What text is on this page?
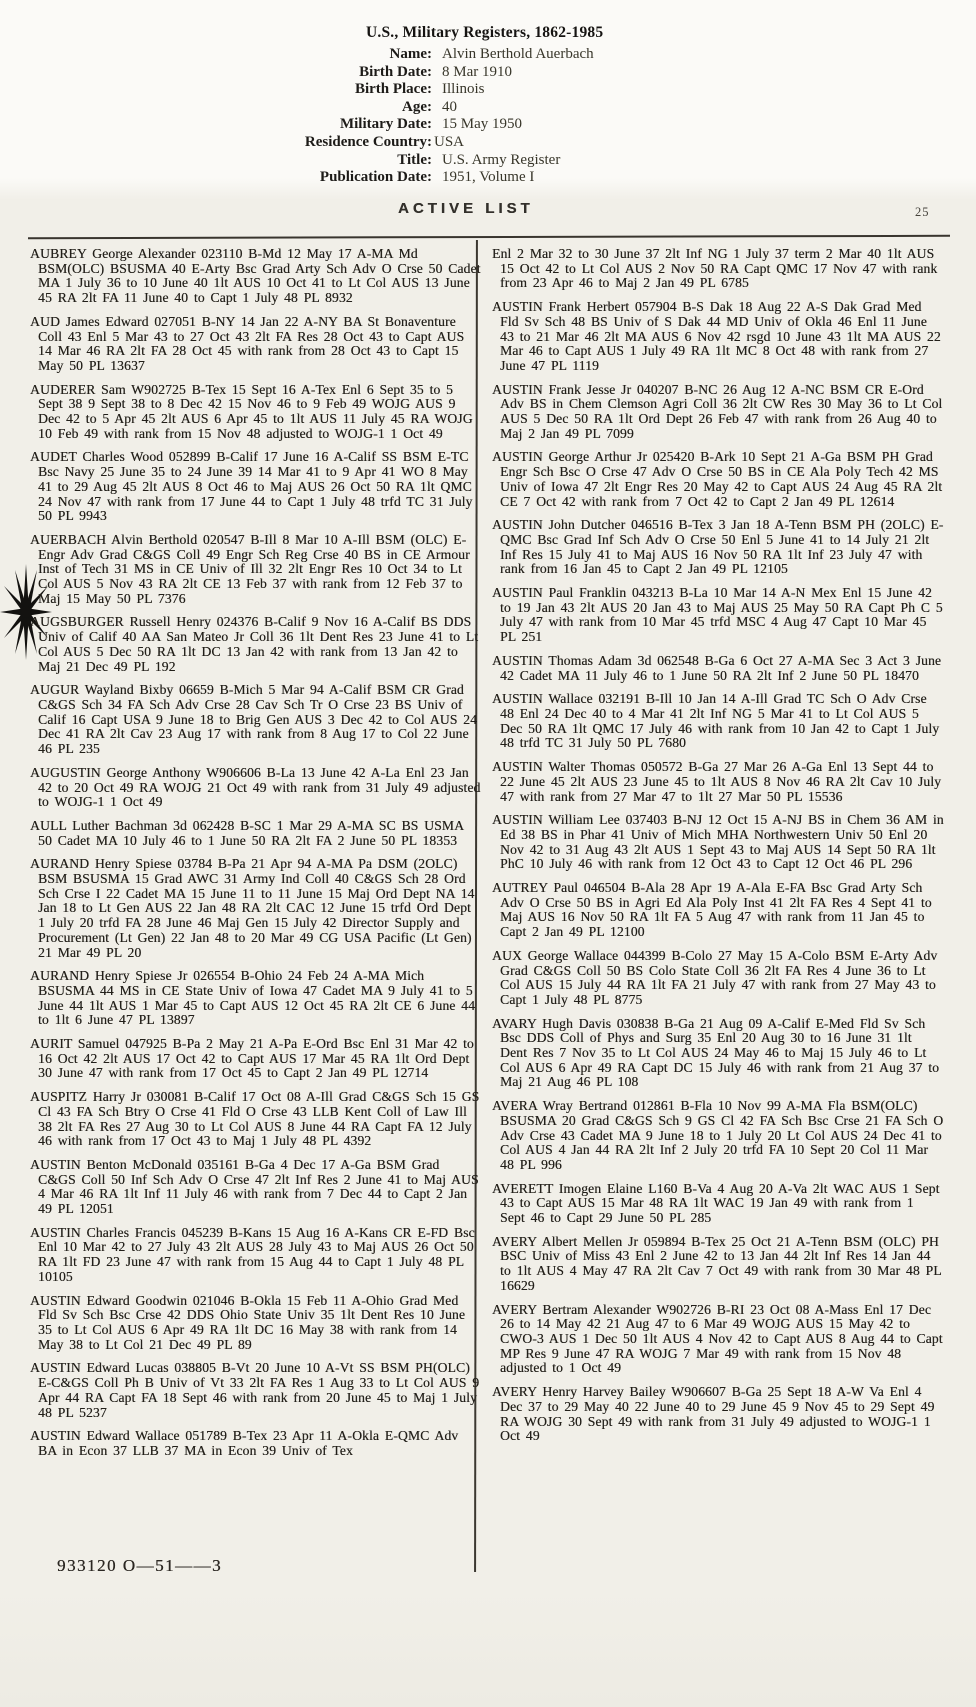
U.S., Military Registers, 1862-1985
Name: Alvin Berthold Auerbach
Birth Date: 8 Mar 1910
Birth Place: Illinois
Age: 40
Military Date: 15 May 1950
Residence Country: USA
Title: U.S. Army Register
Publication Date: 1951, Volume I
ACTIVE LIST	25

AUBREY George Alexander 023110 B-Md 12 May 17 A-MA Md BSM(OLC) BSUSMA 40 E-Arty Bsc Grad Arty Sch Adv O Crse 50 Cadet MA 1 July 36 to 10 June 40 1lt AUS 10 Oct 41 to Lt Col AUS 13 June 45 RA 2lt FA 11 June 40 to Capt 1 July 48 PL 8932

AUD James Edward 027051 B-NY 14 Jan 22 A-NY BA St Bonaventure Coll 43 Enl 5 Mar 43 to 27 Oct 43 2lt FA Res 28 Oct 43 to Capt AUS 14 Mar 46 RA 2lt FA 28 Oct 45 with rank from 28 Oct 43 to Capt 15 May 50 PL 13637

AUDERER Sam W902725 B-Tex 15 Sept 16 A-Tex Enl 6 Sept 35 to 5 Sept 38 9 Sept 38 to 8 Dec 42 15 Nov 46 to 9 Feb 49 WOJG AUS 9 Dec 42 to 5 Apr 45 2lt AUS 6 Apr 45 to 1lt AUS 11 July 45 RA WOJG 10 Feb 49 with rank from 15 Nov 48 adjusted to WOJG-1 1 Oct 49

AUDET Charles Wood 052899 B-Calif 17 June 16 A-Calif SS BSM E-TC Bsc Navy 25 June 35 to 24 June 39 14 Mar 41 to 9 Apr 41 WO 8 May 41 to 29 Aug 45 2lt AUS 8 Oct 46 to Maj AUS 26 Oct 50 RA 1lt QMC 24 Nov 47 with rank from 17 June 44 to Capt 1 July 48 trfd TC 31 July 50 PL 9943

AUERBACH Alvin Berthold 020547 B-Ill 8 Mar 10 A-Ill BSM (OLC) E-Engr Adv Grad C&GS Coll 49 Engr Sch Reg Crse 40 BS in CE Armour Inst of Tech 31 MS in CE Univ of Ill 32 2lt Engr Res 10 Oct 34 to Lt Col AUS 5 Nov 43 RA 2lt CE 13 Feb 37 with rank from 12 Feb 37 to Maj 15 May 50 PL 7376

AUGSBURGER Russell Henry 024376 B-Calif 9 Nov 16 A-Calif BS DDS Univ of Calif 40 AA San Mateo Jr Coll 36 1lt Dent Res 23 June 41 to Lt Col AUS 5 Dec 50 RA 1lt DC 13 Jan 42 with rank from 13 Jan 42 to Maj 21 Dec 49 PL 192

AUGUR Wayland Bixby 06659 B-Mich 5 Mar 94 A-Calif BSM CR Grad C&GS Sch 34 FA Sch Adv Crse 28 Cav Sch Tr O Crse 23 BS Univ of Calif 16 Capt USA 9 June 18 to Brig Gen AUS 3 Dec 42 to Col AUS 24 Dec 41 RA 2lt Cav 23 Aug 17 with rank from 8 Aug 17 to Col 22 June 46 PL 235

AUGUSTIN George Anthony W906606 B-La 13 June 42 A-La Enl 23 Jan 42 to 20 Oct 49 RA WOJG 21 Oct 49 with rank from 31 July 49 adjusted to WOJG-1 1 Oct 49

AULL Luther Bachman 3d 062428 B-SC 1 Mar 29 A-MA SC BS USMA 50 Cadet MA 10 July 46 to 1 June 50 RA 2lt FA 2 June 50 PL 18353

AURAND Henry Spiese 03784 B-Pa 21 Apr 94 A-MA Pa DSM (2OLC) BSM BSUSMA 15 Grad AWC 31 Army Ind Coll 40 C&GS Sch 28 Ord Sch Crse I 22 Cadet MA 15 June 11 to 11 June 15 Maj Ord Dept NA 14 Jan 18 to Lt Gen AUS 22 Jan 48 RA 2lt CAC 12 June 15 trfd Ord Dept 1 July 20 trfd FA 28 June 46 Maj Gen 15 July 42 Director Supply and Procurement (Lt Gen) 22 Jan 48 to 20 Mar 49 CG USA Pacific (Lt Gen) 21 Mar 49 PL 20

AURAND Henry Spiese Jr 026554 B-Ohio 24 Feb 24 A-MA Mich BSUSMA 44 MS in CE State Univ of Iowa 47 Cadet MA 9 July 41 to 5 June 44 1lt AUS 1 Mar 45 to Capt AUS 12 Oct 45 RA 2lt CE 6 June 44 to 1lt 6 June 47 PL 13897

AURIT Samuel 047925 B-Pa 2 May 21 A-Pa E-Ord Bsc Enl 31 Mar 42 to 16 Oct 42 2lt AUS 17 Oct 42 to Capt AUS 17 Mar 45 RA 1lt Ord Dept 30 June 47 with rank from 17 Oct 45 to Capt 2 Jan 49 PL 12714

AUSPITZ Harry Jr 030081 B-Calif 17 Oct 08 A-Ill Grad C&GS Sch 15 GS Cl 43 FA Sch Btry O Crse 41 Fld O Crse 43 LLB Kent Coll of Law Ill 38 2lt FA Res 27 Aug 30 to Lt Col AUS 8 June 44 RA Capt FA 12 July 46 with rank from 17 Oct 43 to Maj 1 July 48 PL 4392

AUSTIN Benton McDonald 035161 B-Ga 4 Dec 17 A-Ga BSM Grad C&GS Coll 50 Inf Sch Adv O Crse 47 2lt Inf Res 2 June 41 to Maj AUS 4 Mar 46 RA 1lt Inf 11 July 46 with rank from 7 Dec 44 to Capt 2 Jan 49 PL 12051

AUSTIN Charles Francis 045239 B-Kans 15 Aug 16 A-Kans CR E-FD Bsc Enl 10 Mar 42 to 27 July 43 2lt AUS 28 July 43 to Maj AUS 26 Oct 50 RA 1lt FD 23 June 47 with rank from 15 Aug 44 to Capt 1 July 48 PL 10105

AUSTIN Edward Goodwin 021046 B-Okla 15 Feb 11 A-Ohio Grad Med Fld Sv Sch Bsc Crse 42 DDS Ohio State Univ 35 1lt Dent Res 10 June 35 to Lt Col AUS 6 Apr 49 RA 1lt DC 16 May 38 with rank from 14 May 38 to Lt Col 21 Dec 49 PL 89

AUSTIN Edward Lucas 038805 B-Vt 20 June 10 A-Vt SS BSM PH(OLC) E-C&GS Coll Ph B Univ of Vt 33 2lt FA Res 1 Aug 33 to Lt Col AUS 9 Apr 44 RA Capt FA 18 Sept 46 with rank from 20 June 45 to Maj 1 July 48 PL 5237

AUSTIN Edward Wallace 051789 B-Tex 23 Apr 11 A-Okla E-QMC Adv BA in Econ 37 LLB 37 MA in Econ 39 Univ of Tex

Enl 2 Mar 32 to 30 June 37 2lt Inf NG 1 July 37 term 2 Mar 40 1lt AUS 15 Oct 42 to Lt Col AUS 2 Nov 50 RA Capt QMC 17 Nov 47 with rank from 23 Apr 46 to Maj 2 Jan 49 PL 6785

AUSTIN Frank Herbert 057904 B-S Dak 18 Aug 22 A-S Dak Grad Med Fld Sv Sch 48 BS Univ of S Dak 44 MD Univ of Okla 46 Enl 11 June 43 to 21 Mar 46 2lt MA AUS 6 Nov 42 rsgd 10 June 43 1lt MA AUS 22 Mar 46 to Capt AUS 1 July 49 RA 1lt MC 8 Oct 48 with rank from 27 June 47 PL 1119

AUSTIN Frank Jesse Jr 040207 B-NC 26 Aug 12 A-NC BSM CR E-Ord Adv BS in Chem Clemson Agri Coll 36 2lt CW Res 30 May 36 to Lt Col AUS 5 Dec 50 RA 1lt Ord Dept 26 Feb 47 with rank from 26 Aug 40 to Maj 2 Jan 49 PL 7099

AUSTIN George Arthur Jr 025420 B-Ark 10 Sept 21 A-Ga BSM PH Grad Engr Sch Bsc O Crse 47 Adv O Crse 50 BS in CE Ala Poly Tech 42 MS Univ of Iowa 47 2lt Engr Res 20 May 42 to Capt AUS 24 Aug 45 RA 2lt CE 7 Oct 42 with rank from 7 Oct 42 to Capt 2 Jan 49 PL 12614

AUSTIN John Dutcher 046516 B-Tex 3 Jan 18 A-Tenn BSM PH (2OLC) E-QMC Bsc Grad Inf Sch Adv O Crse 50 Enl 5 June 41 to 14 July 21 2lt Inf Res 15 July 41 to Maj AUS 16 Nov 50 RA 1lt Inf 23 July 47 with rank from 16 Jan 45 to Capt 2 Jan 49 PL 12105

AUSTIN Paul Franklin 043213 B-La 10 Mar 14 A-N Mex Enl 15 June 42 to 19 Jan 43 2lt AUS 20 Jan 43 to Maj AUS 25 May 50 RA Capt Ph C 5 July 47 with rank from 10 Mar 45 trfd MSC 4 Aug 47 Capt 10 Mar 45 PL 251

AUSTIN Thomas Adam 3d 062548 B-Ga 6 Oct 27 A-MA Sec 3 Act 3 June 42 Cadet MA 11 July 46 to 1 June 50 RA 2lt Inf 2 June 50 PL 18470

AUSTIN Wallace 032191 B-Ill 10 Jan 14 A-Ill Grad TC Sch O Adv Crse 48 Enl 24 Dec 40 to 4 Mar 41 2lt Inf NG 5 Mar 41 to Lt Col AUS 5 Dec 50 RA 1lt QMC 17 July 46 with rank from 10 Jan 42 to Capt 1 July 48 trfd TC 31 July 50 PL 7680

AUSTIN Walter Thomas 050572 B-Ga 27 Mar 26 A-Ga Enl 13 Sept 44 to 22 June 45 2lt AUS 23 June 45 to 1lt AUS 8 Nov 46 RA 2lt Cav 10 July 47 with rank from 27 Mar 47 to 1lt 27 Mar 50 PL 15536

AUSTIN William Lee 037403 B-NJ 12 Oct 15 A-NJ BS in Chem 36 AM in Ed 38 BS in Phar 41 Univ of Mich MHA Northwestern Univ 50 Enl 20 Nov 42 to 31 Aug 43 2lt AUS 1 Sept 43 to Maj AUS 14 Sept 50 RA 1lt PhC 10 July 46 with rank from 12 Oct 43 to Capt 12 Oct 46 PL 296

AUTREY Paul 046504 B-Ala 28 Apr 19 A-Ala E-FA Bsc Grad Arty Sch Adv O Crse 50 BS in Agri Ed Ala Poly Inst 41 2lt FA Res 4 Sept 41 to Maj AUS 16 Nov 50 RA 1lt FA 5 Aug 47 with rank from 11 Jan 45 to Capt 2 Jan 49 PL 12100

AUX George Wallace 044399 B-Colo 27 May 15 A-Colo BSM E-Arty Adv Grad C&GS Coll 50 BS Colo State Coll 36 2lt FA Res 4 June 36 to Lt Col AUS 15 July 44 RA 1lt FA 21 July 47 with rank from 27 May 43 to Capt 1 July 48 PL 8775

AVARY Hugh Davis 030838 B-Ga 21 Aug 09 A-Calif E-Med Fld Sv Sch Bsc DDS Coll of Phys and Surg 35 Enl 20 Aug 30 to 16 June 31 1lt Dent Res 7 Nov 35 to Lt Col AUS 24 May 46 to Maj 15 July 46 to Lt Col AUS 6 Apr 49 RA Capt DC 15 July 46 with rank from 21 Aug 37 to Maj 21 Aug 46 PL 108

AVERA Wray Bertrand 012861 B-Fla 10 Nov 99 A-MA Fla BSM(OLC) BSUSMA 20 Grad C&GS Sch 9 GS Cl 42 FA Sch Bsc Crse 21 FA Sch O Adv Crse 43 Cadet MA 9 June 18 to 1 July 20 Lt Col AUS 24 Dec 41 to Col AUS 4 Jan 44 RA 2lt Inf 2 July 20 trfd FA 10 Sept 20 Col 11 Mar 48 PL 996

AVERETT Imogen Elaine L160 B-Va 4 Aug 20 A-Va 2lt WAC AUS 1 Sept 43 to Capt AUS 15 Mar 48 RA 1lt WAC 19 Jan 49 with rank from 1 Sept 46 to Capt 29 June 50 PL 285

AVERY Albert Mellen Jr 059894 B-Tex 25 Oct 21 A-Tenn BSM (OLC) PH BSC Univ of Miss 43 Enl 2 June 42 to 13 Jan 44 2lt Inf Res 14 Jan 44 to 1lt AUS 4 May 47 RA 2lt Cav 7 Oct 49 with rank from 30 Mar 48 PL 16629

AVERY Bertram Alexander W902726 B-RI 23 Oct 08 A-Mass Enl 17 Dec 26 to 14 May 42 21 Aug 47 to 6 Mar 49 WOJG AUS 15 May 42 to CWO-3 AUS 1 Dec 50 1lt AUS 4 Nov 42 to Capt AUS 8 Aug 44 to Capt MP Res 9 June 47 RA WOJG 7 Mar 49 with rank from 15 Nov 48 adjusted to 1 Oct 49

AVERY Henry Harvey Bailey W906607 B-Ga 25 Sept 18 A-W Va Enl 4 Dec 37 to 29 May 40 22 June 40 to 29 June 45 9 Nov 45 to 29 Sept 49 RA WOJG 30 Sept 49 with rank from 31 July 49 adjusted to WOJG-1 1 Oct 49

933120 O—51——3
